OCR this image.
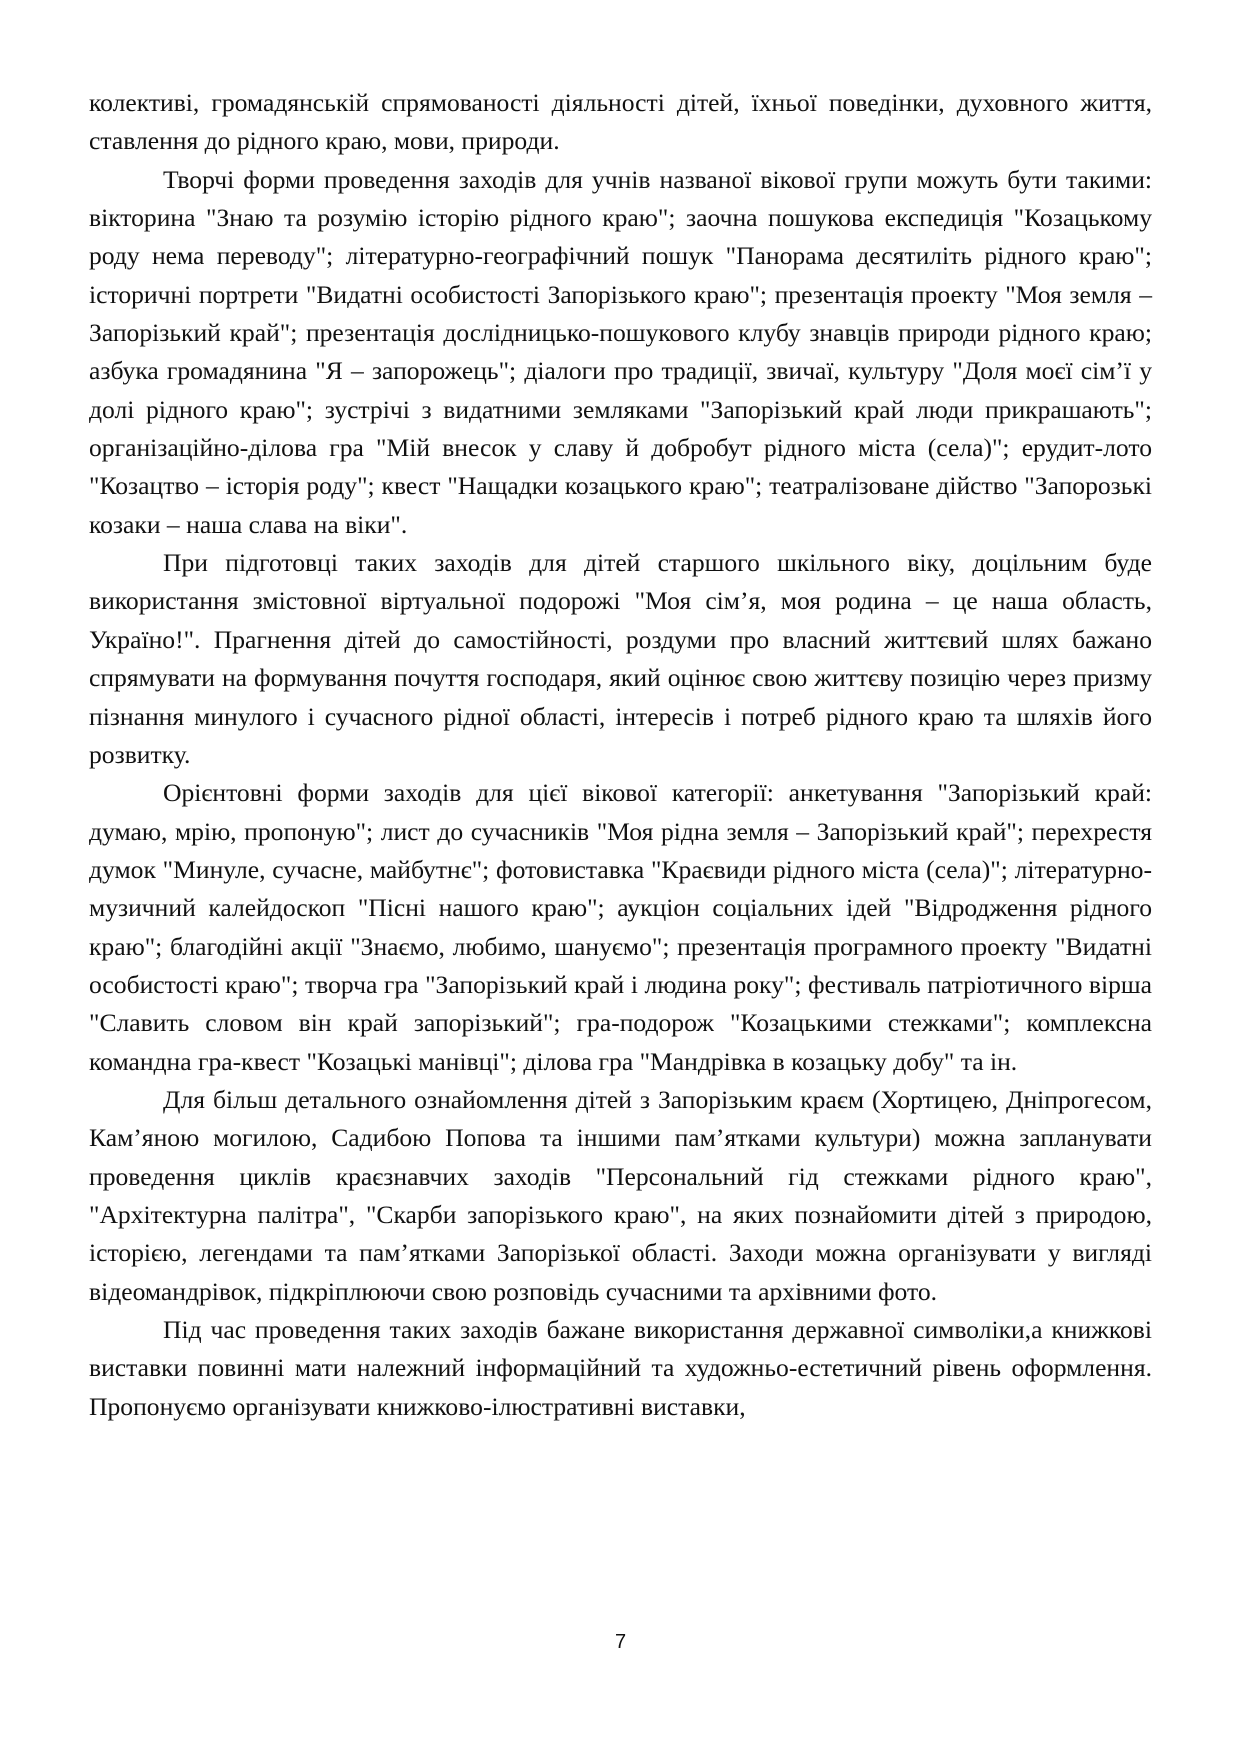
колективі, громадянській спрямованості діяльності дітей, їхньої поведінки, духовного життя, ставлення до рідного краю, мови, природи.

Творчі форми проведення заходів для учнів названої вікової групи можуть бути такими: вікторина "Знаю та розумію історію рідного краю"; заочна пошукова експедиція "Козацькому роду нема переводу"; літературно-географічний пошук "Панорама десятиліть рідного краю"; історичні портрети "Видатні особистості Запорізького краю"; презентація проекту "Моя земля – Запорізький край"; презентація дослідницько-пошукового клубу знавців природи рідного краю; азбука громадянина "Я – запорожець"; діалоги про традиції, звичаї, культуру "Доля моєї сім’ї у долі рідного краю"; зустрічі з видатними земляками "Запорізький край люди прикрашають"; організаційно-ділова гра "Мій внесок у славу й добробут рідного міста (села)"; ерудит-лото "Козацтво – історія роду"; квест "Нащадки козацького краю"; театралізоване дійство "Запорозькі козаки – наша слава на віки".

При підготовці таких заходів для дітей старшого шкільного віку, доцільним буде використання змістовної віртуальної подорожі "Моя сім’я, моя родина – це наша область, Україно!". Прагнення дітей до самостійності, роздуми про власний життєвий шлях бажано спрямувати на формування почуття господаря, який оцінює свою життєву позицію через призму пізнання минулого і сучасного рідної області, інтересів і потреб рідного краю та шляхів його розвитку.

Орієнтовні форми заходів для цієї вікової категорії: анкетування "Запорізький край: думаю, мрію, пропоную"; лист до сучасників "Моя рідна земля – Запорізький край"; перехрестя думок "Минуле, сучасне, майбутнє"; фотовиставка "Краєвиди рідного міста (села)"; літературно-музичний калейдоскоп "Пісні нашого краю"; аукціон соціальних ідей "Відродження рідного краю"; благодійні акції "Знаємо, любимо, шануємо"; презентація програмного проекту "Видатні особистості краю"; творча гра "Запорізький край і людина року"; фестиваль патріотичного вірша "Славить словом він край запорізький"; гра-подорож "Козацькими стежками"; комплексна командна гра-квест "Козацькі манівці"; ділова гра "Мандрівка в козацьку добу" та ін.

Для більш детального ознайомлення дітей з Запорізьким краєм (Хортицею, Дніпрогесом, Кам’яною могилою, Садибою Попова та іншими пам’ятками культури) можна запланувати проведення циклів краєзнавчих заходів "Персональний гід стежками рідного краю", "Архітектурна палітра", "Скарби запорізького краю", на яких познайомити дітей з природою, історією, легендами та пам’ятками Запорізької області. Заходи можна організувати у вигляді відеомандрівок, підкріплюючи свою розповідь сучасними та архівними фото.

Під час проведення таких заходів бажане використання державної символіки,а книжкові виставки повинні мати належний інформаційний та художньо-естетичний рівень оформлення. Пропонуємо організувати книжково-ілюстративні виставки,

7
